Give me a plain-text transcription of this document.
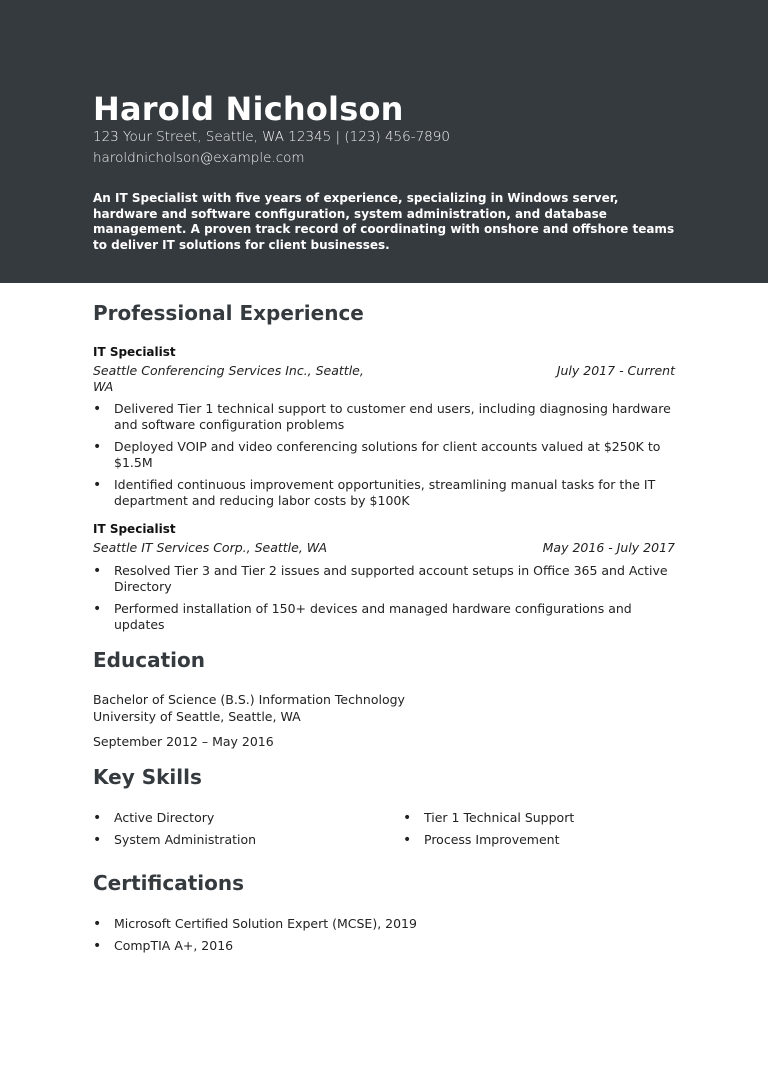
Harold Nicholson
123 Your Street, Seattle, WA 12345 | (123) 456-7890
haroldnicholson@example.com
An IT Specialist with five years of experience, specializing in Windows server, hardware and software configuration, system administration, and database management. A proven track record of coordinating with onshore and offshore teams to deliver IT solutions for client businesses.
Professional Experience
IT Specialist
Seattle Conferencing Services Inc., Seattle, WA
July 2017 - Current
• Delivered Tier 1 technical support to customer end users, including diagnosing hardware and software configuration problems
• Deployed VOIP and video conferencing solutions for client accounts valued at $250K to $1.5M
• Identified continuous improvement opportunities, streamlining manual tasks for the IT department and reducing labor costs by $100K
IT Specialist
Seattle IT Services Corp., Seattle, WA	May 2016 - July 2017
• Resolved Tier 3 and Tier 2 issues and supported account setups in Office 365 and Active Directory
• Performed installation of 150+ devices and managed hardware configurations and updates
Education
Bachelor of Science (B.S.) Information Technology
University of Seattle, Seattle, WA
September 2012 – May 2016
Key Skills
• Active Directory
• System Administration
• Tier 1 Technical Support
• Process Improvement
Certifications
• Microsoft Certified Solution Expert (MCSE), 2019
• CompTIA A+, 2016
